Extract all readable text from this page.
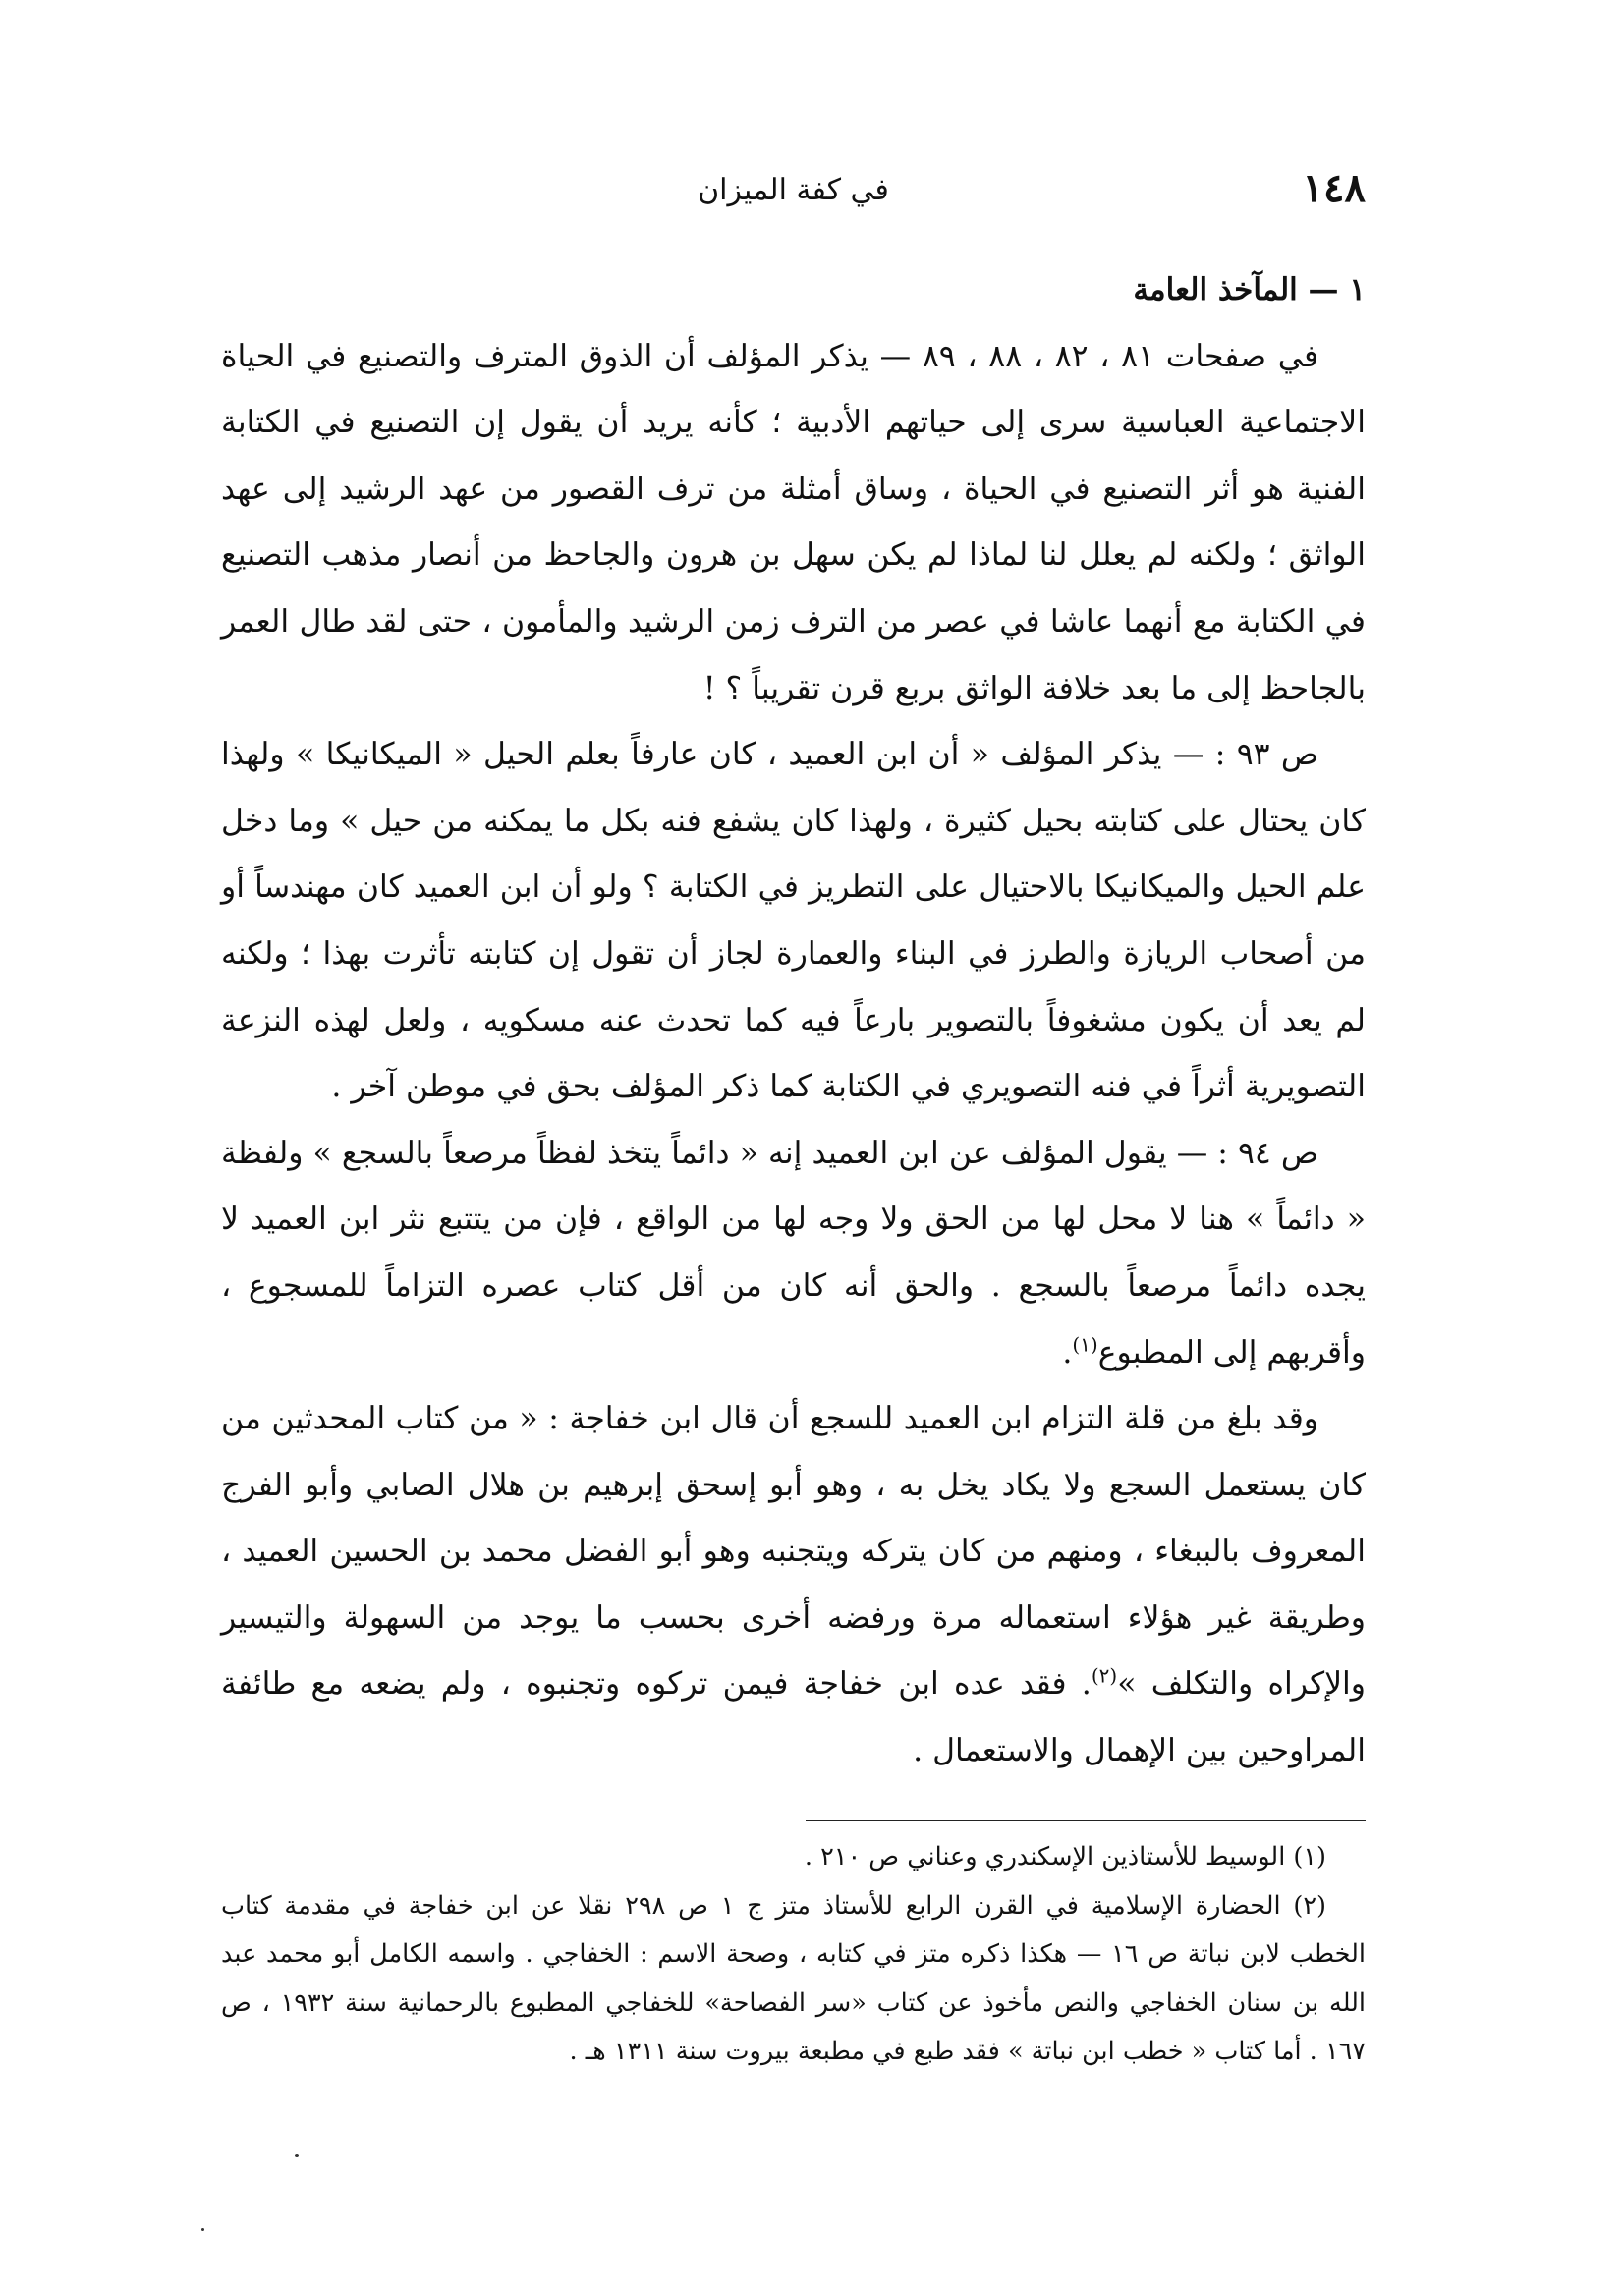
١٤٨
في كفة الميزان

١ — المآخذ العامة

في صفحات ٨١ ، ٨٢ ، ٨٨ ، ٨٩ — يذكر المؤلف أن الذوق المترف والتصنيع في الحياة الاجتماعية العباسية سرى إلى حياتهم الأدبية ؛ كأنه يريد أن يقول إن التصنيع في الكتابة الفنية هو أثر التصنيع في الحياة ، وساق أمثلة من ترف القصور من عهد الرشيد إلى عهد الواثق ؛ ولكنه لم يعلل لنا لماذا لم يكن سهل بن هرون والجاحظ من أنصار مذهب التصنيع في الكتابة مع أنهما عاشا في عصر من الترف زمن الرشيد والمأمون ، حتى لقد طال العمر بالجاحظ إلى ما بعد خلافة الواثق بربع قرن تقريباً ؟ !

ص ٩٣ : — يذكر المؤلف « أن ابن العميد ، كان عارفاً بعلم الحيل « الميكانيكا » ولهذا كان يحتال على كتابته بحيل كثيرة ، ولهذا كان يشفع فنه بكل ما يمكنه من حيل » وما دخل علم الحيل والميكانيكا بالاحتيال على التطريز في الكتابة ؟ ولو أن ابن العميد كان مهندساً أو من أصحاب الريازة والطرز في البناء والعمارة لجاز أن تقول إن كتابته تأثرت بهذا ؛ ولكنه لم يعد أن يكون مشغوفاً بالتصوير بارعاً فيه كما تحدث عنه مسكويه ، ولعل لهذه النزعة التصويرية أثراً في فنه التصويري في الكتابة كما ذكر المؤلف بحق في موطن آخر .

ص ٩٤ : — يقول المؤلف عن ابن العميد إنه « دائماً يتخذ لفظاً مرصعاً بالسجع » ولفظة « دائماً » هنا لا محل لها من الحق ولا وجه لها من الواقع ، فإن من يتتبع نثر ابن العميد لا يجده دائماً مرصعاً بالسجع . والحق أنه كان من أقل كتاب عصره التزاماً للمسجوع ، وأقربهم إلى المطبوع$^{(١)}$.

وقد بلغ من قلة التزام ابن العميد للسجع أن قال ابن خفاجة : « من كتاب المحدثين من كان يستعمل السجع ولا يكاد يخل به ، وهو أبو إسحق إبرهيم بن هلال الصابي وأبو الفرج المعروف بالببغاء ، ومنهم من كان يتركه ويتجنبه وهو أبو الفضل محمد بن الحسين العميد ، وطريقة غير هؤلاء استعماله مرة ورفضه أخرى بحسب ما يوجد من السهولة والتيسير والإكراه والتكلف »$^{(٢)}$. فقد عده ابن خفاجة فيمن تركوه وتجنبوه ، ولم يضعه مع طائفة المراوحين بين الإهمال والاستعمال .

(١) الوسيط للأستاذين الإسكندري وعناني ص ٢١٠ .

(٢) الحضارة الإسلامية في القرن الرابع للأستاذ متز ج ١ ص ٢٩٨ نقلا عن ابن خفاجة في مقدمة كتاب الخطب لابن نباتة ص ١٦ — هكذا ذكره متز في كتابه ، وصحة الاسم : الخفاجي . واسمه الكامل أبو محمد عبد الله بن سنان الخفاجي والنص مأخوذ عن كتاب «سر الفصاحة» للخفاجي المطبوع بالرحمانية سنة ١٩٣٢ ، ص ١٦٧ . أما كتاب « خطب ابن نباتة » فقد طبع في مطبعة بيروت سنة ١٣١١ هـ .
